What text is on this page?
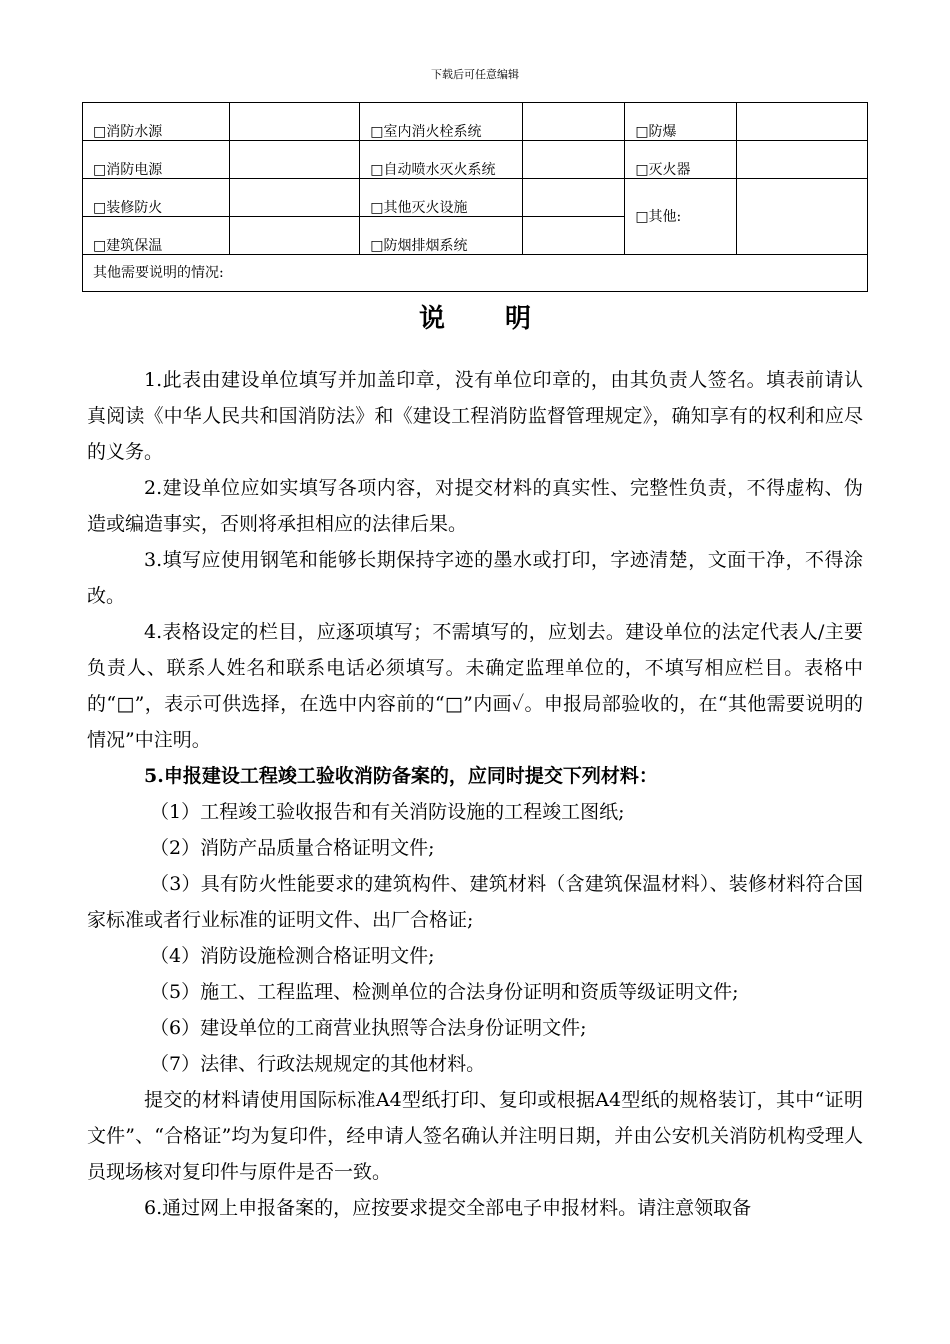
下载后可任意编辑
□消防水源		□室内消火栓系统		□防爆	
□消防电源		□自动喷水灭火系统		□灭火器	
□装修防火		□其他灭火设施		□其他:	
□建筑保温		□防烟排烟系统			
其他需要说明的情况:					
说 明

1.此表由建设单位填写并加盖印章，没有单位印章的，由其负责人签名。填表前请认真阅读《中华人民共和国消防法》和《建设工程消防监督管理规定》，确知享有的权利和应尽的义务。

2.建设单位应如实填写各项内容，对提交材料的真实性、完整性负责，不得虚构、伪造或编造事实，否则将承担相应的法律后果。

3.填写应使用钢笔和能够长期保持字迹的墨水或打印，字迹清楚，文面干净，不得涂改。

4.表格设定的栏目，应逐项填写；不需填写的，应划去。建设单位的法定代表人/主要负责人、联系人姓名和联系电话必须填写。未确定监理单位的，不填写相应栏目。表格中的“□”，表示可供选择，在选中内容前的“□”内画✓。申报局部验收的，在“其他需要说明的情况”中注明。

5.申报建设工程竣工验收消防备案的，应同时提交下列材料：

（1）工程竣工验收报告和有关消防设施的工程竣工图纸;

（2）消防产品质量合格证明文件;

（3）具有防火性能要求的建筑构件、建筑材料（含建筑保温材料）、装修材料符合国家标准或者行业标准的证明文件、出厂合格证;

（4）消防设施检测合格证明文件;

（5）施工、工程监理、检测单位的合法身份证明和资质等级证明文件;

（6）建设单位的工商营业执照等合法身份证明文件;

（7）法律、行政法规规定的其他材料。

提交的材料请使用国际标准A4型纸打印、复印或根据A4型纸的规格装订，其中“证明文件”、“合格证”均为复印件，经申请人签名确认并注明日期，并由公安机关消防机构受理人员现场核对复印件与原件是否一致。

6.通过网上申报备案的，应按要求提交全部电子申报材料。请注意领取备
